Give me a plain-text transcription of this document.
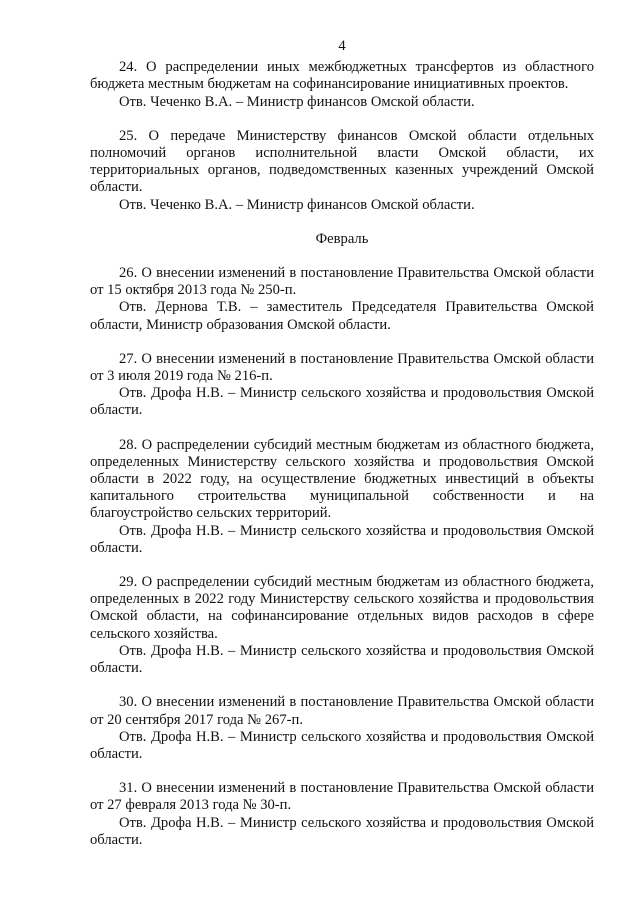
4

24. О распределении иных межбюджетных трансфертов из областного бюджета местным бюджетам на софинансирование инициативных проектов.

Отв. Чеченко В.А. – Министр финансов Омской области.

25. О передаче Министерству финансов Омской области отдельных полномочий органов исполнительной власти Омской области, их территориальных органов, подведомственных казенных учреждений Омской области.

Отв. Чеченко В.А. – Министр финансов Омской области.

Февраль

26. О внесении изменений в постановление Правительства Омской области от 15 октября 2013 года № 250-п.

Отв. Дернова Т.В. – заместитель Председателя Правительства Омской области, Министр образования Омской области.

27. О внесении изменений в постановление Правительства Омской области от 3 июля 2019 года № 216-п.

Отв. Дрофа Н.В. – Министр сельского хозяйства и продовольствия Омской области.

28. О распределении субсидий местным бюджетам из областного бюджета, определенных Министерству сельского хозяйства и продовольствия Омской области в 2022 году, на осуществление бюджетных инвестиций в объекты капитального строительства муниципальной собственности и на благоустройство сельских территорий.

Отв. Дрофа Н.В. – Министр сельского хозяйства и продовольствия Омской области.

29. О распределении субсидий местным бюджетам из областного бюджета, определенных в 2022 году Министерству сельского хозяйства и продовольствия Омской области, на софинансирование отдельных видов расходов в сфере сельского хозяйства.

Отв. Дрофа Н.В. – Министр сельского хозяйства и продовольствия Омской области.

30. О внесении изменений в постановление Правительства Омской области от 20 сентября 2017 года № 267-п.

Отв. Дрофа Н.В. – Министр сельского хозяйства и продовольствия Омской области.

31. О внесении изменений в постановление Правительства Омской области от 27 февраля 2013 года № 30-п.

Отв. Дрофа Н.В. – Министр сельского хозяйства и продовольствия Омской области.
